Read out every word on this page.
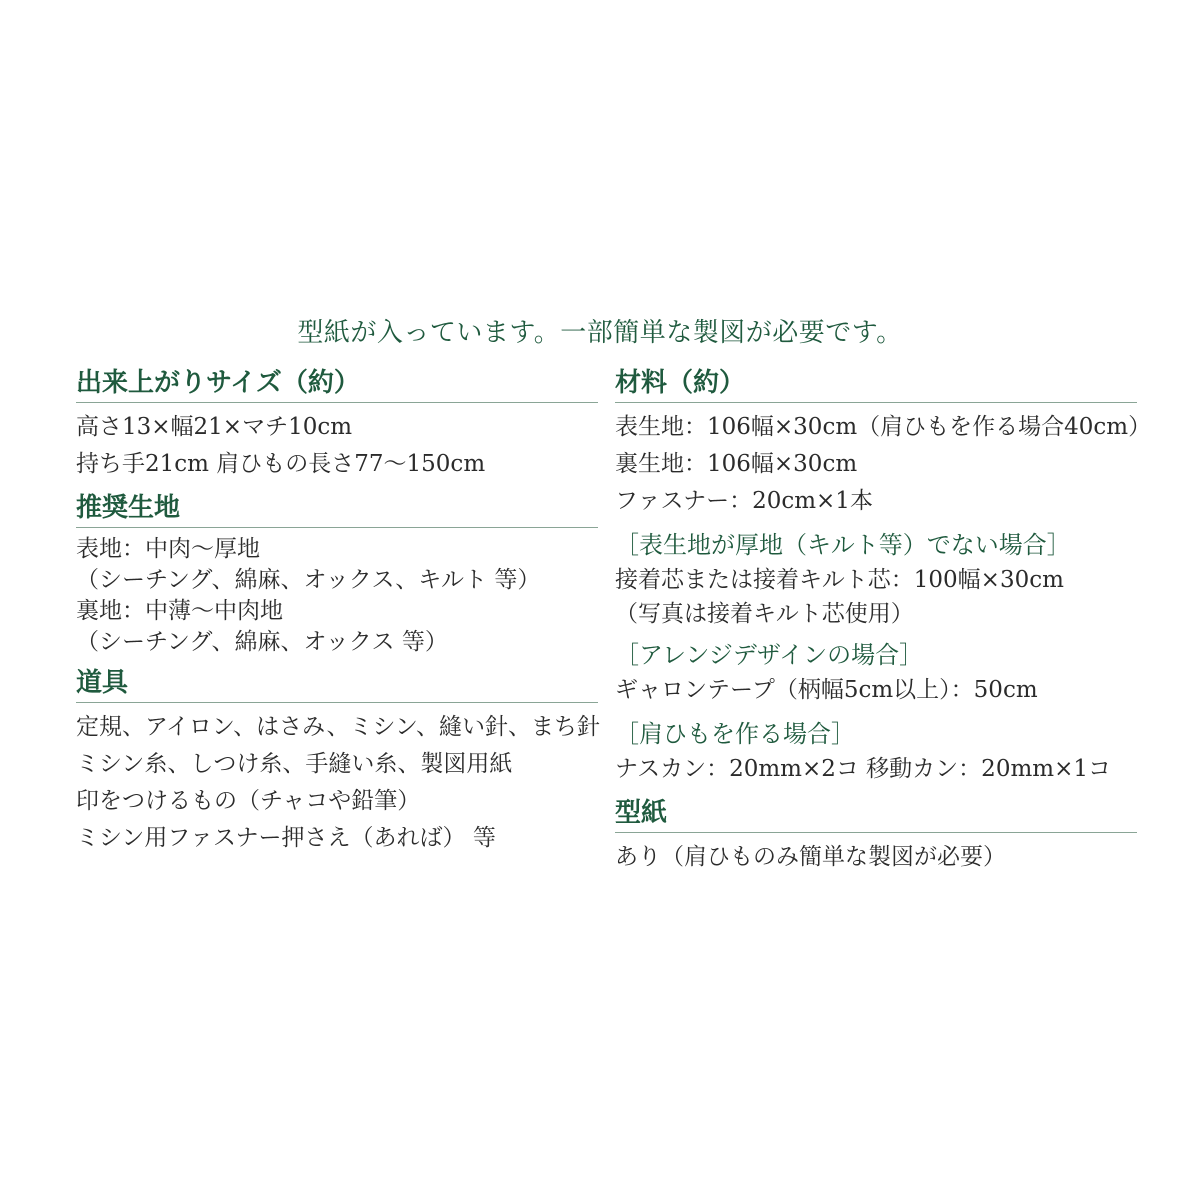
型紙が入っています。一部簡単な製図が必要です。
出来上がりサイズ（約）
高さ13×幅21×マチ10cm
持ち手21cm 肩ひもの長さ77～150cm
推奨生地
表地：中肉～厚地
（シーチング、綿麻、オックス、キルト 等）
裏地：中薄～中肉地
（シーチング、綿麻、オックス 等）
道具
定規、アイロン、はさみ、ミシン、縫い針、まち針
ミシン糸、しつけ糸、手縫い糸、製図用紙
印をつけるもの（チャコや鉛筆）
ミシン用ファスナー押さえ（あれば） 等
材料（約）
表生地：106幅×30cm（肩ひもを作る場合40cm）
裏生地：106幅×30cm
ファスナー：20cm×1本
［表生地が厚地（キルト等）でない場合］
接着芯または接着キルト芯：100幅×30cm
（写真は接着キルト芯使用）
［アレンジデザインの場合］
ギャロンテープ（柄幅5cm以上）：50cm
［肩ひもを作る場合］
ナスカン：20mm×2コ 移動カン：20mm×1コ
型紙
あり（肩ひものみ簡単な製図が必要）
